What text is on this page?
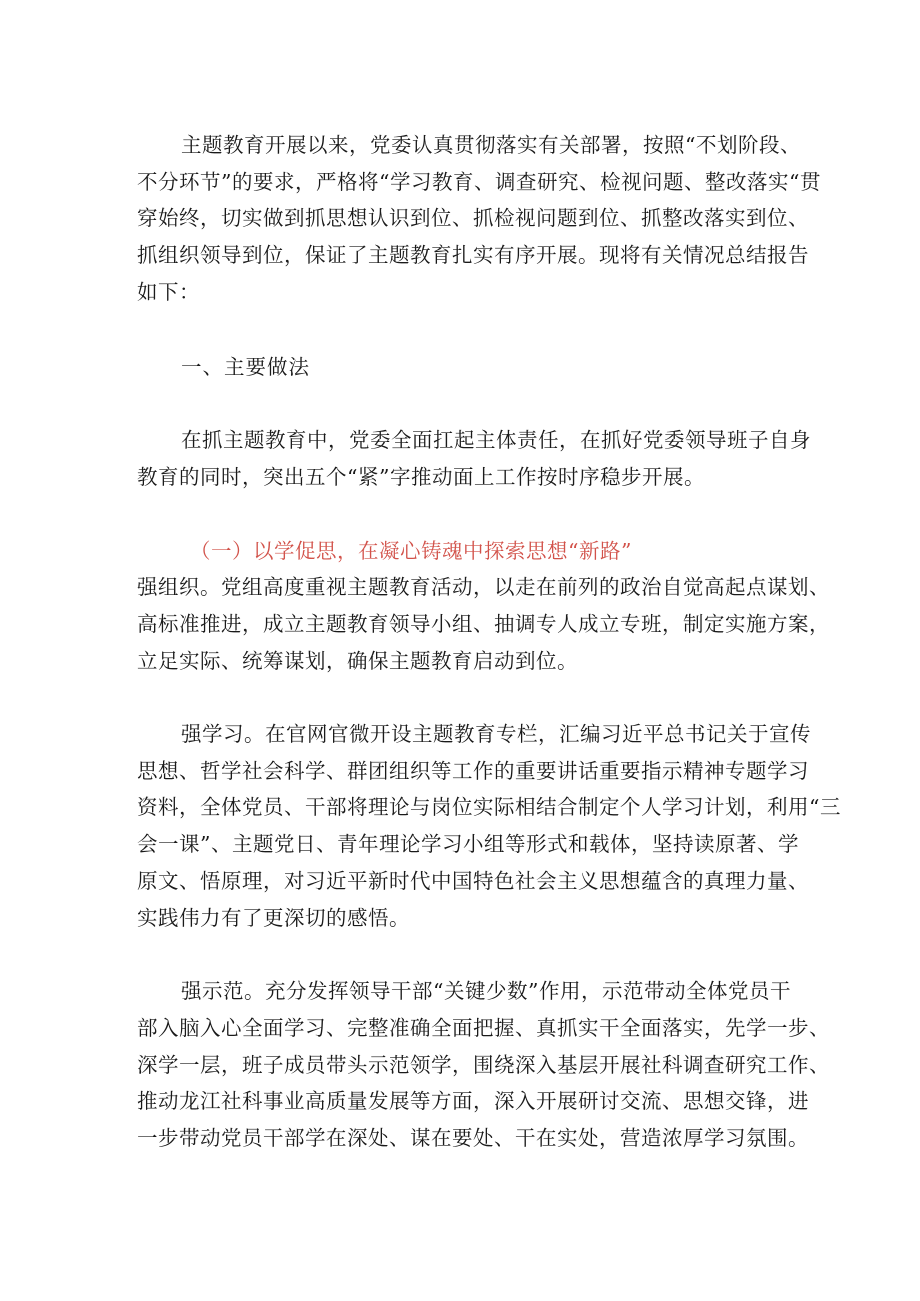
主题教育开展以来，党委认真贯彻落实有关部署，按照“不划阶段、
不分环节”的要求，严格将“学习教育、调查研究、检视问题、整改落实“贯
穿始终，切实做到抓思想认识到位、抓检视问题到位、抓整改落实到位、
抓组织领导到位，保证了主题教育扎实有序开展。现将有关情况总结报告
如下：
一、主要做法
在抓主题教育中，党委全面扛起主体责任，在抓好党委领导班子自身
教育的同时，突出五个“紧”字推动面上工作按时序稳步开展。
（一）以学促思，在凝心铸魂中探索思想“新路”
强组织。党组高度重视主题教育活动，以走在前列的政治自觉高起点谋划、
高标准推进，成立主题教育领导小组、抽调专人成立专班，制定实施方案，
立足实际、统筹谋划，确保主题教育启动到位。
强学习。在官网官微开设主题教育专栏，汇编习近平总书记关于宣传
思想、哲学社会科学、群团组织等工作的重要讲话重要指示精神专题学习
资料，全体党员、干部将理论与岗位实际相结合制定个人学习计划，利用“三
会一课”、主题党日、青年理论学习小组等形式和载体，坚持读原著、学
原文、悟原理，对习近平新时代中国特色社会主义思想蕴含的真理力量、
实践伟力有了更深切的感悟。
强示范。充分发挥领导干部“关键少数”作用，示范带动全体党员干
部入脑入心全面学习、完整准确全面把握、真抓实干全面落实，先学一步、
深学一层，班子成员带头示范领学，围绕深入基层开展社科调查研究工作、
推动龙江社科事业高质量发展等方面，深入开展研讨交流、思想交锋，进
一步带动党员干部学在深处、谋在要处、干在实处，营造浓厚学习氛围。
